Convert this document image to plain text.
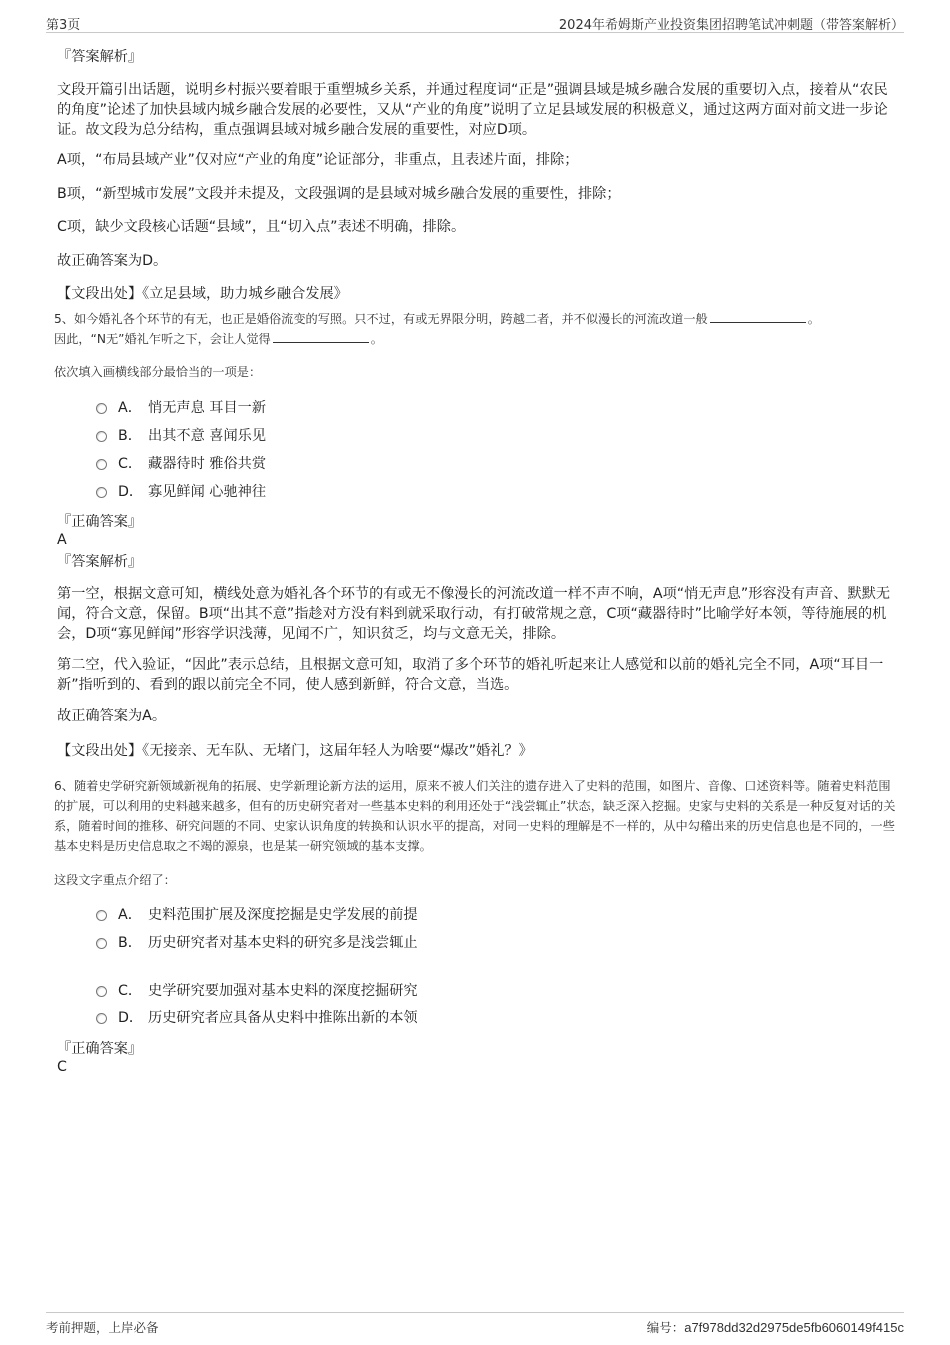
第3页	2024年希姆斯产业投资集团招聘笔试冲刺题（带答案解析）
『答案解析』
文段开篇引出话题，说明乡村振兴要着眼于重塑城乡关系，并通过程度词“正是”强调县域是城乡融合发展的重要切入点，接着从“农民的角度”论述了加快县域内城乡融合发展的必要性，又从“产业的角度”说明了立足县域发展的积极意义，通过这两方面对前文进一步论证。故文段为总分结构，重点强调县域对城乡融合发展的重要性，对应D项。
A项，“布局县域产业”仅对应“产业的角度”论证部分，非重点，且表述片面，排除；
B项，“新型城市发展”文段并未提及，文段强调的是县域对城乡融合发展的重要性，排除；
C项，缺少文段核心话题“县域”，且“切入点”表述不明确，排除。
故正确答案为D。
【文段出处】《立足县域，助力城乡融合发展》
5、如今婚礼各个环节的有无，也正是婚俗流变的写照。只不过，有或无界限分明，跨越二者，并不似漫长的河流改道一般	。
因此，“N无”婚礼乍听之下，会让人觉得	。
依次填入画横线部分最恰当的一项是：
A． 悄无声息 耳目一新
B． 出其不意 喜闻乐见
C． 藏器待时 雅俗共赏
D． 寡见鲜闻 心驰神往
『正确答案』
A
『答案解析』
第一空，根据文意可知，横线处意为婚礼各个环节的有或无不像漫长的河流改道一样不声不响，A项“悄无声息”形容没有声音、默默无闻，符合文意，保留。B项“出其不意”指趁对方没有料到就采取行动，有打破常规之意，C项“藏器待时”比喻学好本领，等待施展的机会，D项“寡见鲜闻”形容学识浅薄，见闻不广，知识贫乏，均与文意无关，排除。
第二空，代入验证，“因此”表示总结，且根据文意可知，取消了多个环节的婚礼听起来让人感觉和以前的婚礼完全不同，A项“耳目一新”指听到的、看到的跟以前完全不同，使人感到新鲜，符合文意，当选。
故正确答案为A。
【文段出处】《无接亲、无车队、无堵门，这届年轻人为啥要“爆改”婚礼？》
6、随着史学研究新领域新视角的拓展、史学新理论新方法的运用，原来不被人们关注的遗存进入了史料的范围，如图片、音像、口述资料等。随着史料范围的扩展，可以利用的史料越来越多，但有的历史研究者对一些基本史料的利用还处于“浅尝辄止”状态，缺乏深入挖掘。史家与史料的关系是一种反复对话的关系，随着时间的推移、研究问题的不同、史家认识角度的转换和认识水平的提高，对同一史料的理解是不一样的，从中勾稽出来的历史信息也是不同的，一些基本史料是历史信息取之不竭的源泉，也是某一研究领域的基本支撑。
这段文字重点介绍了：
A． 史料范围扩展及深度挖掘是史学发展的前提
B． 历史研究者对基本史料的研究多是浅尝辄止
C． 史学研究要加强对基本史料的深度挖掘研究
D． 历史研究者应具备从史料中推陈出新的本领
『正确答案』
C
考前押题，上岸必备	编号：a7f978dd32d2975de5fb6060149f415c
